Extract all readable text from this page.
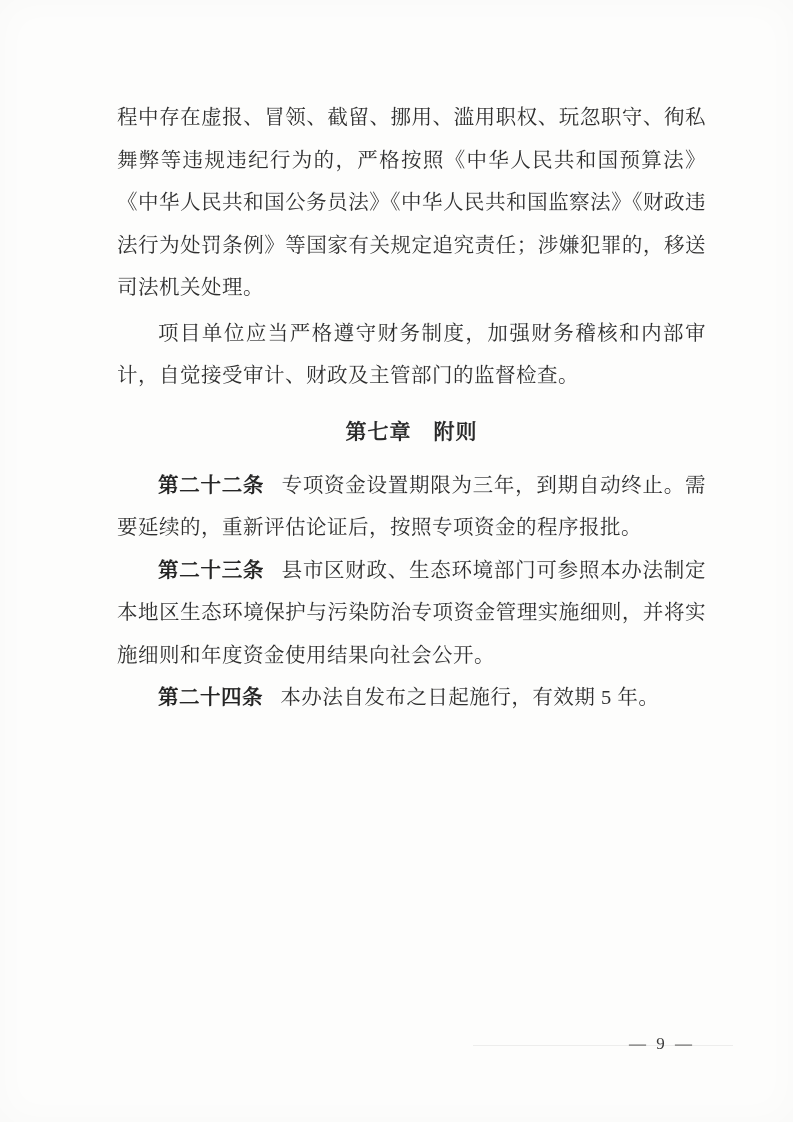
程中存在虚报、冒领、截留、挪用、滥用职权、玩忽职守、徇私舞弊等违规违纪行为的，严格按照《中华人民共和国预算法》《中华人民共和国公务员法》《中华人民共和国监察法》《财政违法行为处罚条例》等国家有关规定追究责任；涉嫌犯罪的，移送司法机关处理。

项目单位应当严格遵守财务制度，加强财务稽核和内部审计，自觉接受审计、财政及主管部门的监督检查。

第七章　附则

第二十二条 专项资金设置期限为三年，到期自动终止。需要延续的，重新评估论证后，按照专项资金的程序报批。

第二十三条 县市区财政、生态环境部门可参照本办法制定本地区生态环境保护与污染防治专项资金管理实施细则，并将实施细则和年度资金使用结果向社会公开。

第二十四条 本办法自发布之日起施行，有效期 5 年。

— 9 —
